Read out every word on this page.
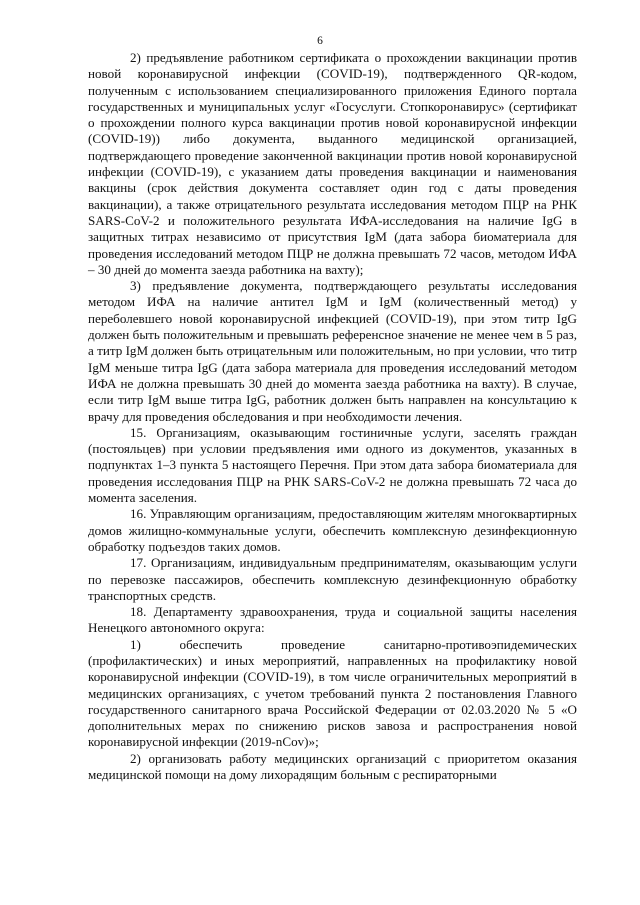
6

2) предъявление работником сертификата о прохождении вакцинации против новой коронавирусной инфекции (COVID-19), подтвержденного QR-кодом, полученным с использованием специализированного приложения Единого портала государственных и муниципальных услуг «Госуслуги. Стопкоронавирус» (сертификат о прохождении полного курса вакцинации против новой коронавирусной инфекции (COVID-19)) либо документа, выданного медицинской организацией, подтверждающего проведение законченной вакцинации против новой коронавирусной инфекции (COVID-19), с указанием даты проведения вакцинации и наименования вакцины (срок действия документа составляет один год с даты проведения вакцинации), а также отрицательного результата исследования методом ПЦР на РНК SARS-CoV-2 и положительного результата ИФА-исследования на наличие IgG в защитных титрах независимо от присутствия IgM (дата забора биоматериала для проведения исследований методом ПЦР не должна превышать 72 часов, методом ИФА – 30 дней до момента заезда работника на вахту);

3) предъявление документа, подтверждающего результаты исследования методом ИФА на наличие антител IgM и IgM (количественный метод) у переболевшего новой коронавирусной инфекцией (COVID-19), при этом титр IgG должен быть положительным и превышать референсное значение не менее чем в 5 раз, а титр IgM должен быть отрицательным или положительным, но при условии, что титр IgM меньше титра IgG (дата забора материала для проведения исследований методом ИФА не должна превышать 30 дней до момента заезда работника на вахту). В случае, если титр IgM выше титра IgG, работник должен быть направлен на консультацию к врачу для проведения обследования и при необходимости лечения.

15. Организациям, оказывающим гостиничные услуги, заселять граждан (постояльцев) при условии предъявления ими одного из документов, указанных в подпунктах 1–3 пункта 5 настоящего Перечня. При этом дата забора биоматериала для проведения исследования ПЦР на РНК SARS-CoV-2 не должна превышать 72 часа до момента заселения.

16. Управляющим организациям, предоставляющим жителям многоквартирных домов жилищно-коммунальные услуги, обеспечить комплексную дезинфекционную обработку подъездов таких домов.

17. Организациям, индивидуальным предпринимателям, оказывающим услуги по перевозке пассажиров, обеспечить комплексную дезинфекционную обработку транспортных средств.

18. Департаменту здравоохранения, труда и социальной защиты населения Ненецкого автономного округа:

1) обеспечить проведение санитарно-противоэпидемических (профилактических) и иных мероприятий, направленных на профилактику новой коронавирусной инфекции (COVID-19), в том числе ограничительных мероприятий в медицинских организациях, с учетом требований пункта 2 постановления Главного государственного санитарного врача Российской Федерации от 02.03.2020 № 5 «О дополнительных мерах по снижению рисков завоза и распространения новой коронавирусной инфекции (2019-nCov)»;

2) организовать работу медицинских организаций с приоритетом оказания медицинской помощи на дому лихорадящим больным с респираторными
